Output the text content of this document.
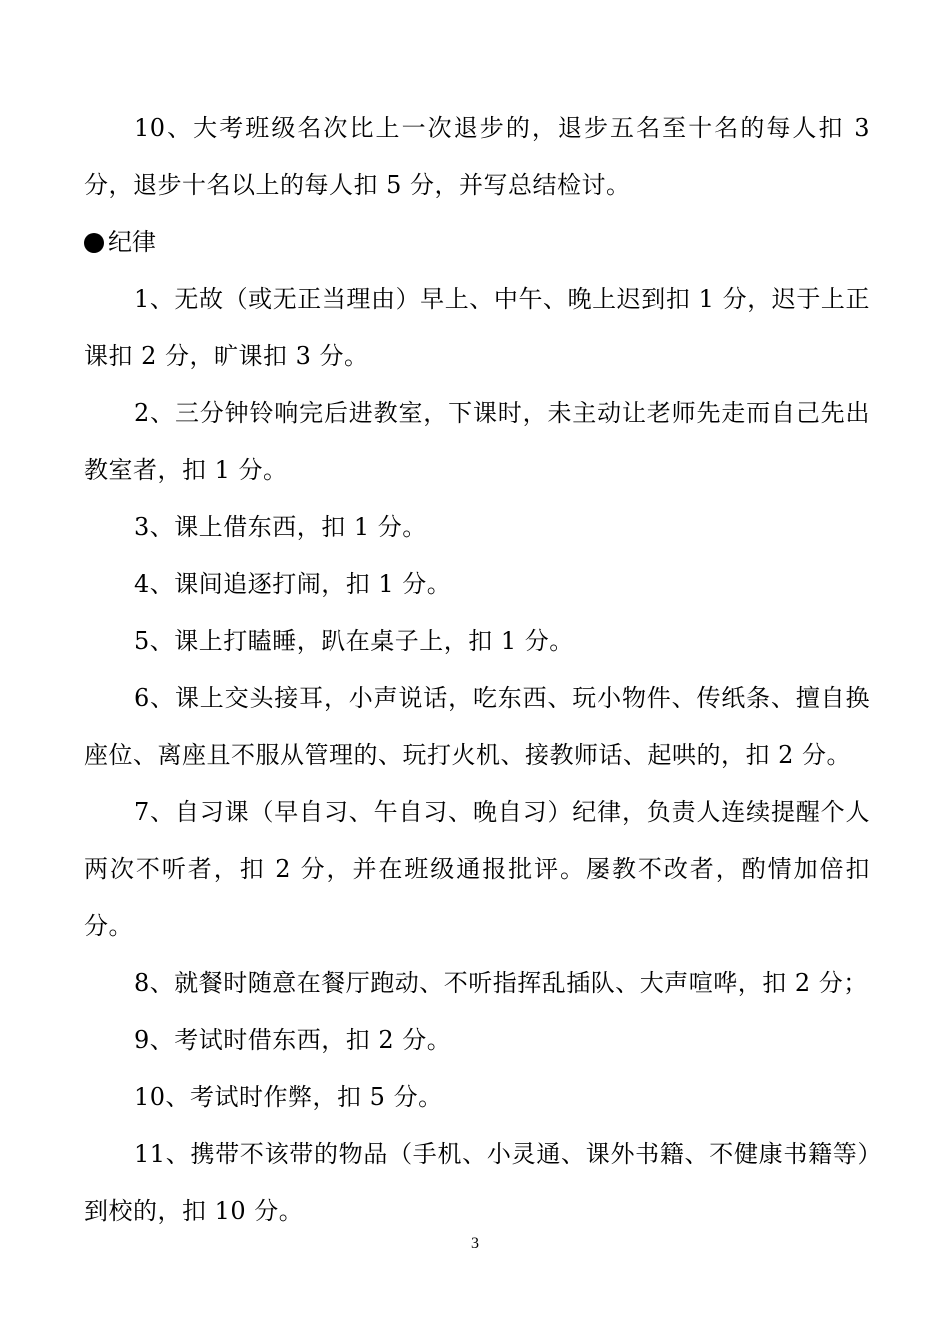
10、大考班级名次比上一次退步的，退步五名至十名的每人扣 3 分，退步十名以上的每人扣 5 分，并写总结检讨。

纪律

1、无故（或无正当理由）早上、中午、晚上迟到扣 1 分，迟于上正课扣 2 分，旷课扣 3 分。

2、三分钟铃响完后进教室，下课时，未主动让老师先走而自己先出教室者，扣 1 分。

3、课上借东西，扣 1 分。

4、课间追逐打闹，扣 1 分。

5、课上打瞌睡，趴在桌子上，扣 1 分。

6、课上交头接耳，小声说话，吃东西、玩小物件、传纸条、擅自换座位、离座且不服从管理的、玩打火机、接教师话、起哄的，扣 2 分。

7、自习课（早自习、午自习、晚自习）纪律，负责人连续提醒个人两次不听者，扣 2 分，并在班级通报批评。屡教不改者，酌情加倍扣分。

8、就餐时随意在餐厅跑动、不听指挥乱插队、大声喧哗，扣 2 分；

9、考试时借东西，扣 2 分。

10、考试时作弊，扣 5 分。

11、携带不该带的物品（手机、小灵通、课外书籍、不健康书籍等）到校的，扣 10 分。

3
